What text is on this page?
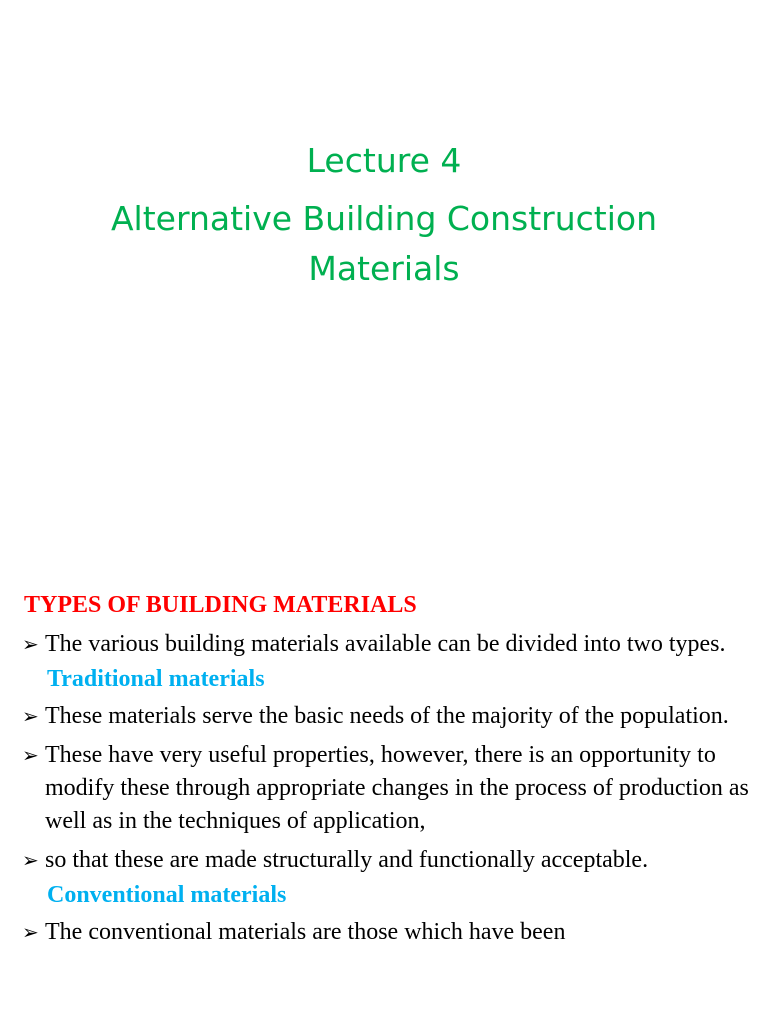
Lecture 4
Alternative Building Construction
Materials
TYPES OF BUILDING MATERIALS
➢ The various building materials available can be divided into two types.
Traditional materials
➢ These materials serve the basic needs of the majority of the population.
➢ These have very useful properties, however, there is an opportunity to modify these through appropriate changes in the process of production as well as in the techniques of application,
➢ so that these are made structurally and functionally acceptable.
Conventional materials
➢ The conventional materials are those which have been
